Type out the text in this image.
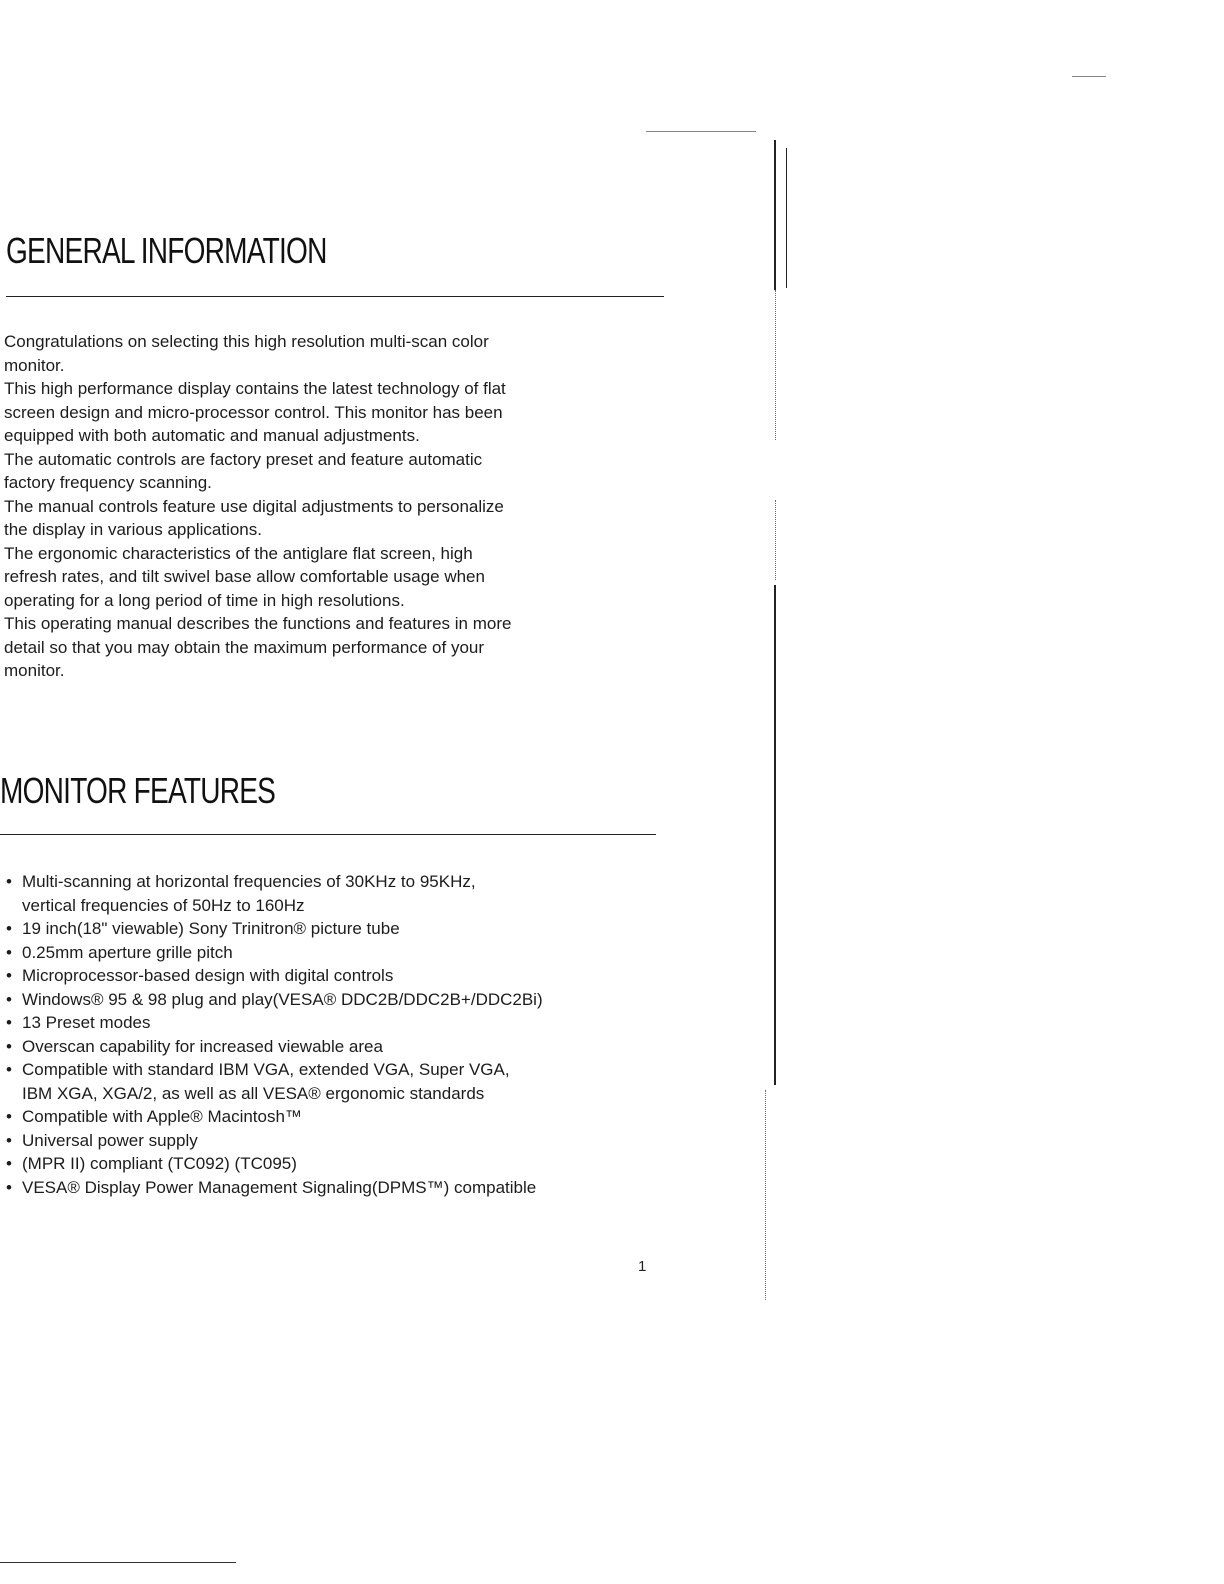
GENERAL INFORMATION
Congratulations on selecting this high resolution multi-scan color
monitor.
This high performance display contains the latest technology of flat
screen design and micro-processor control. This monitor has been
equipped with both automatic and manual adjustments.
The automatic controls are factory preset and feature automatic
factory frequency scanning.
The manual controls feature use digital adjustments to personalize
the display in various applications.
The ergonomic characteristics of the antiglare flat screen, high
refresh rates, and tilt swivel base allow comfortable usage when
operating for a long period of time in high resolutions.
This operating manual describes the functions and features in more
detail so that you may obtain the maximum performance of your
monitor.
MONITOR FEATURES
• Multi-scanning at horizontal frequencies of 30KHz to 95KHz,
vertical frequencies of 50Hz to 160Hz
• 19 inch(18" viewable) Sony Trinitron® picture tube
• 0.25mm aperture grille pitch
• Microprocessor-based design with digital controls
• Windows® 95 & 98 plug and play(VESA® DDC2B/DDC2B+/DDC2Bi)
• 13 Preset modes
• Overscan capability for increased viewable area
• Compatible with standard IBM VGA, extended VGA, Super VGA,
IBM XGA, XGA/2, as well as all VESA® ergonomic standards
• Compatible with Apple® Macintosh™
• Universal power supply
• (MPR II) compliant (TC092) (TC095)
• VESA® Display Power Management Signaling(DPMS™) compatible
1
